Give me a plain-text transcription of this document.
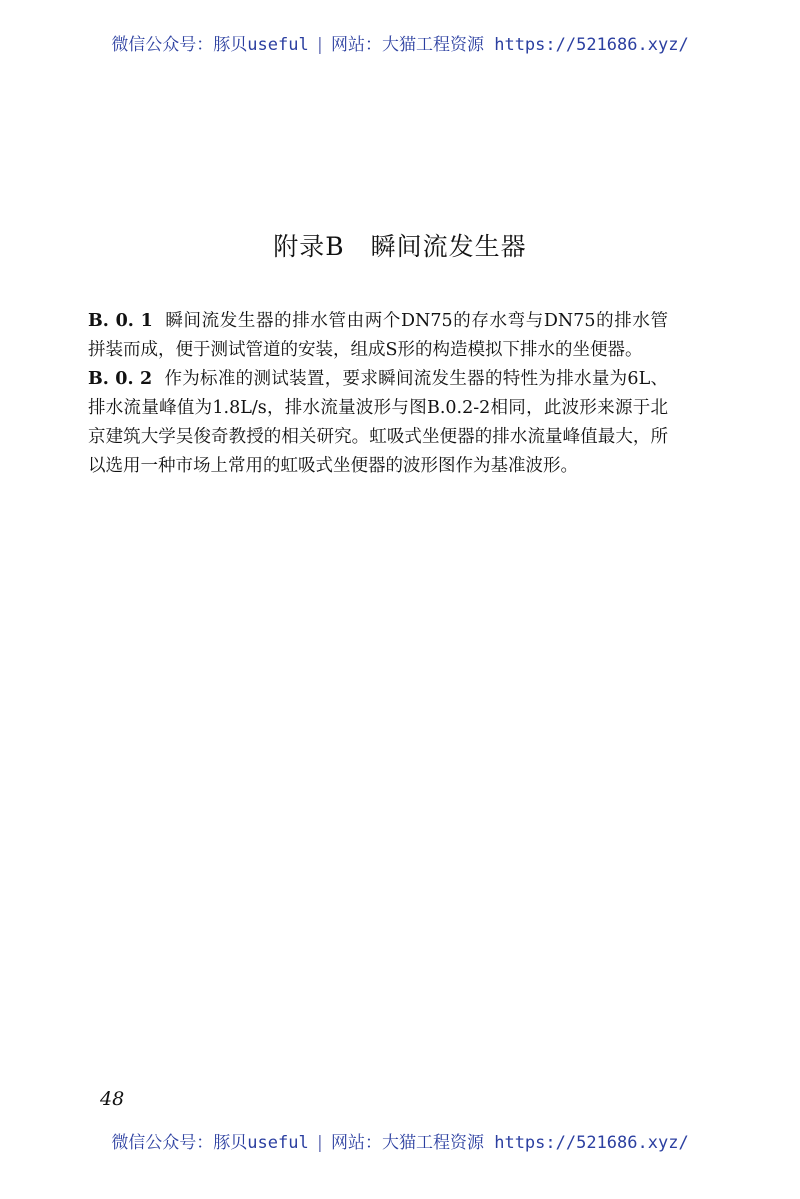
微信公众号：豚贝useful | 网站：大猫工程资源 https://521686.xyz/
附录B 瞬间流发生器

B. 0. 1 瞬间流发生器的排水管由两个DN75的存水弯与DN75的排水管拼装而成，便于测试管道的安装，组成S形的构造模拟下排水的坐便器。

B. 0. 2 作为标准的测试装置，要求瞬间流发生器的特性为排水量为6L、排水流量峰值为1.8L/s，排水流量波形与图B.0.2-2相同，此波形来源于北京建筑大学吴俊奇教授的相关研究。虹吸式坐便器的排水流量峰值最大，所以选用一种市场上常用的虹吸式坐便器的波形图作为基准波形。

48
微信公众号：豚贝useful | 网站：大猫工程资源 https://521686.xyz/
